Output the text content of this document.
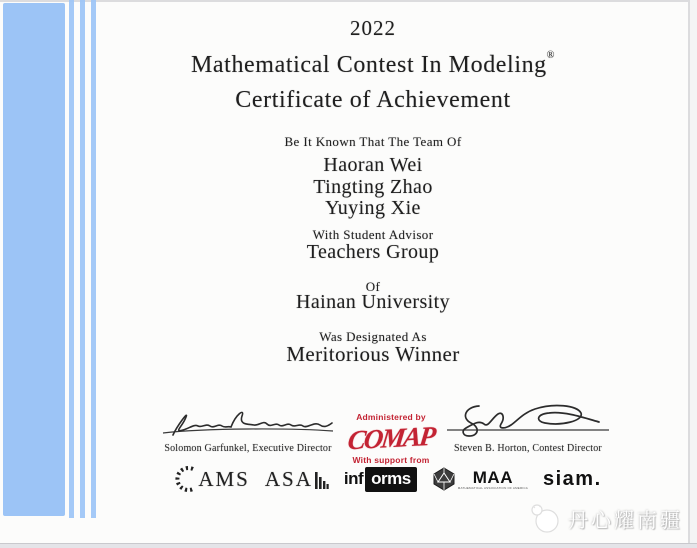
2022
Mathematical Contest In Modeling®
Certificate of Achievement
Be It Known That The Team Of
Haoran Wei
Tingting Zhao
Yuying Xie
With Student Advisor
Teachers Group
Of
Hainan University
Was Designated As
Meritorious Winner
Solomon Garfunkel, Executive Director
Administered by
COMAP
With support from
Steven B. Horton, Contest Director
AMS ASA inf orms	MAA
MATHEMATICAL ASSOCIATION OF AMERICA siam.
丹心耀南疆
